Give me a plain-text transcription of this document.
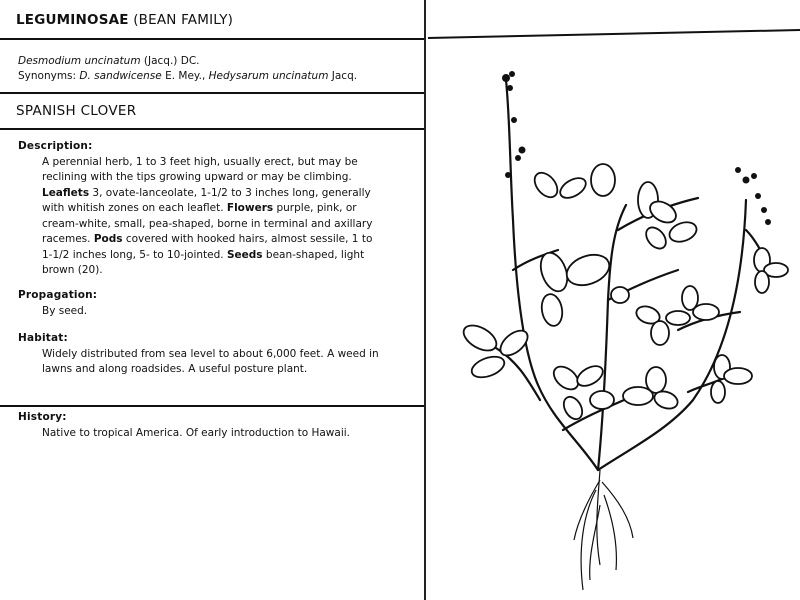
LEGUMINOSAE (BEAN FAMILY)
Desmodium uncinatum (Jacq.) DC.
Synonyms: D. sandwicense E. Mey., Hedysarum uncinatum Jacq.
SPANISH CLOVER
Description:
A perennial herb, 1 to 3 feet high, usually erect, but may be reclining with the tips growing upward or may be climbing. Leaflets 3, ovate-lanceolate, 1-1/2 to 3 inches long, generally with whitish zones on each leaflet. Flowers purple, pink, or cream-white, small, pea-shaped, borne in terminal and axillary racemes. Pods covered with hooked hairs, almost sessile, 1 to 1-1/2 inches long, 5- to 10-jointed. Seeds bean-shaped, light brown (20).
Propagation:
By seed.
Habitat:
Widely distributed from sea level to about 6,000 feet. A weed in lawns and along roadsides. A useful posture plant.
History:
Native to tropical America. Of early introduction to Hawaii.
